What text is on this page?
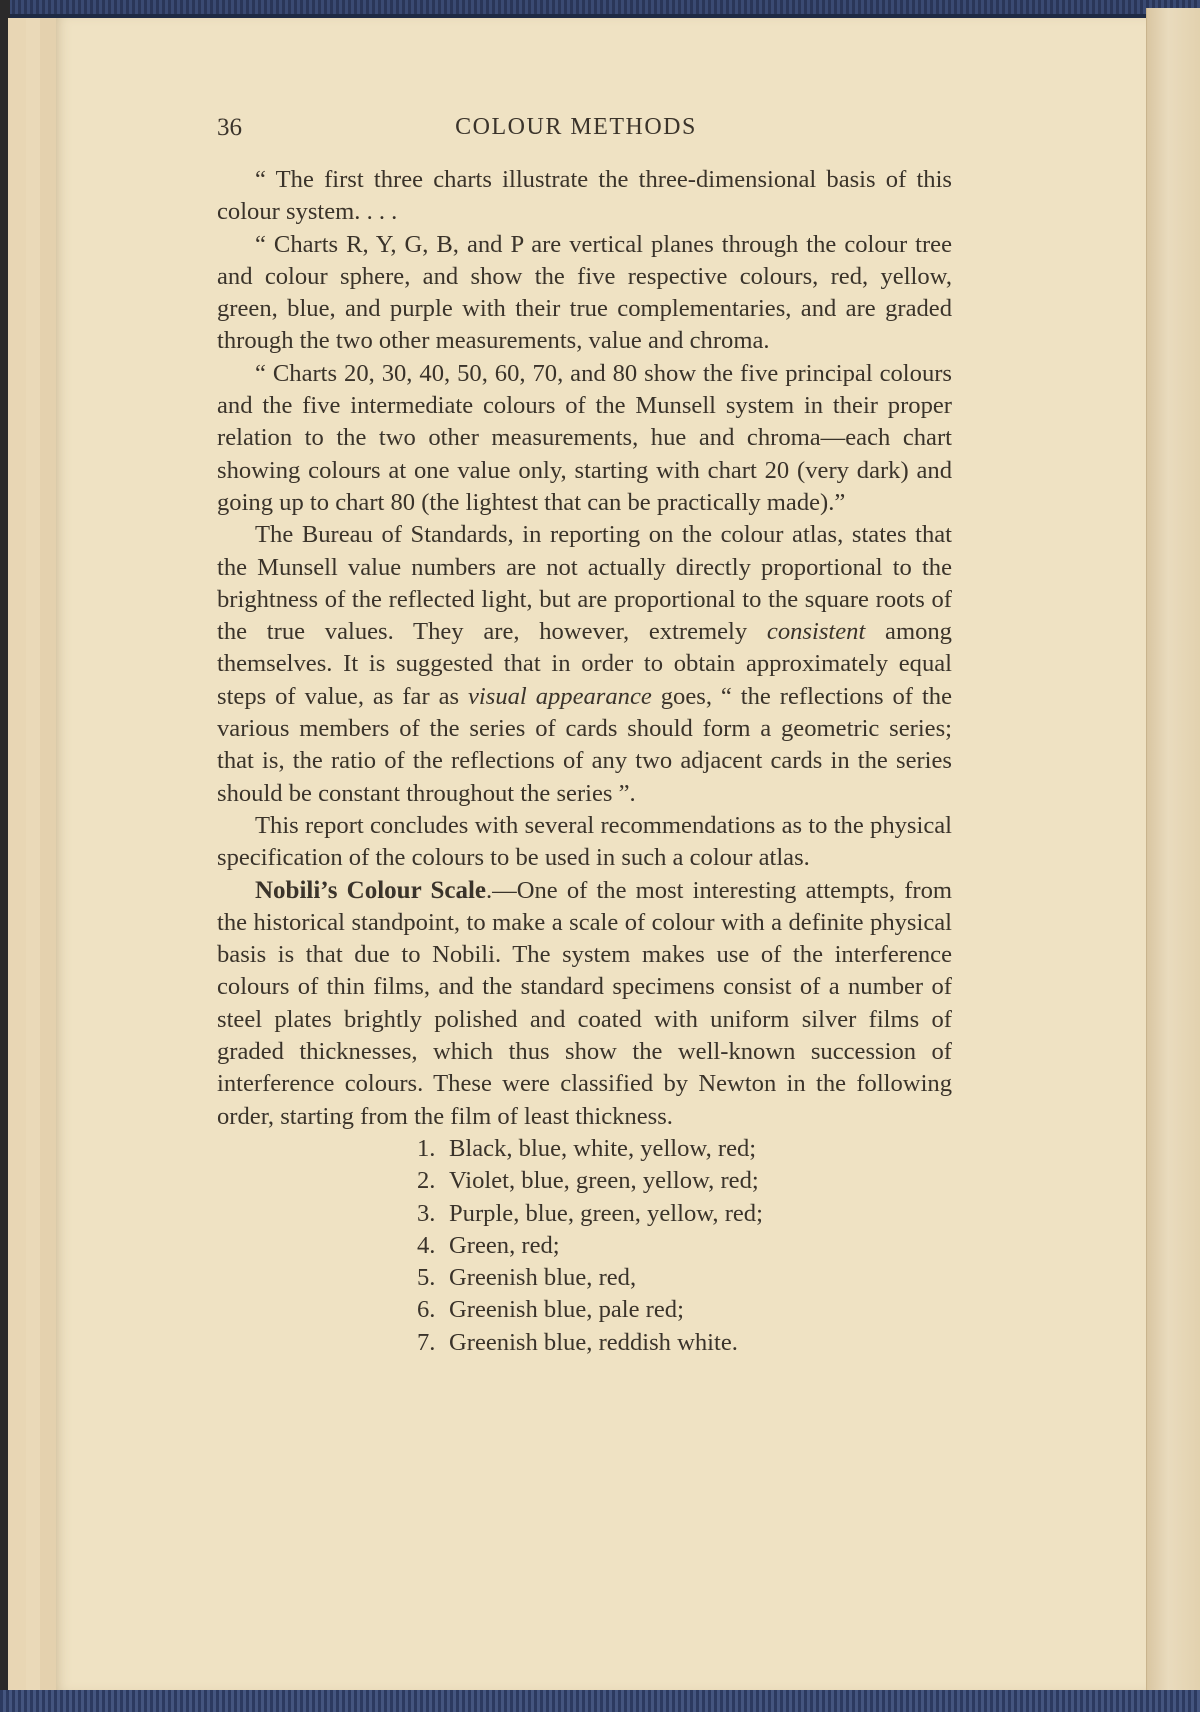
36	COLOUR METHODS

“ The first three charts illustrate the three-dimensional basis of this colour system. . . .

“ Charts R, Y, G, B, and P are vertical planes through the colour tree and colour sphere, and show the five respective colours, red, yellow, green, blue, and purple with their true complementaries, and are graded through the two other measurements, value and chroma.

“ Charts 20, 30, 40, 50, 60, 70, and 80 show the five principal colours and the five intermediate colours of the Munsell system in their proper relation to the two other measurements, hue and chroma—each chart showing colours at one value only, starting with chart 20 (very dark) and going up to chart 80 (the lightest that can be practically made).”

The Bureau of Standards, in reporting on the colour atlas, states that the Munsell value numbers are not actually directly proportional to the brightness of the reflected light, but are proportional to the square roots of the true values. They are, however, extremely consistent among themselves. It is suggested that in order to obtain approximately equal steps of value, as far as visual appearance goes, “ the reflections of the various members of the series of cards should form a geometric series; that is, the ratio of the reflections of any two adjacent cards in the series should be constant throughout the series ”.

This report concludes with several recommendations as to the physical specification of the colours to be used in such a colour atlas.

Nobili’s Colour Scale.—One of the most interesting attempts, from the historical standpoint, to make a scale of colour with a definite physical basis is that due to Nobili. The system makes use of the interference colours of thin films, and the standard specimens consist of a number of steel plates brightly polished and coated with uniform silver films of graded thicknesses, which thus show the well-known succession of interference colours. These were classified by Newton in the following order, starting from the film of least thickness.

1. Black, blue, white, yellow, red;
2. Violet, blue, green, yellow, red;
3. Purple, blue, green, yellow, red;
4. Green, red;
5. Greenish blue, red,
6. Greenish blue, pale red;
7. Greenish blue, reddish white.
